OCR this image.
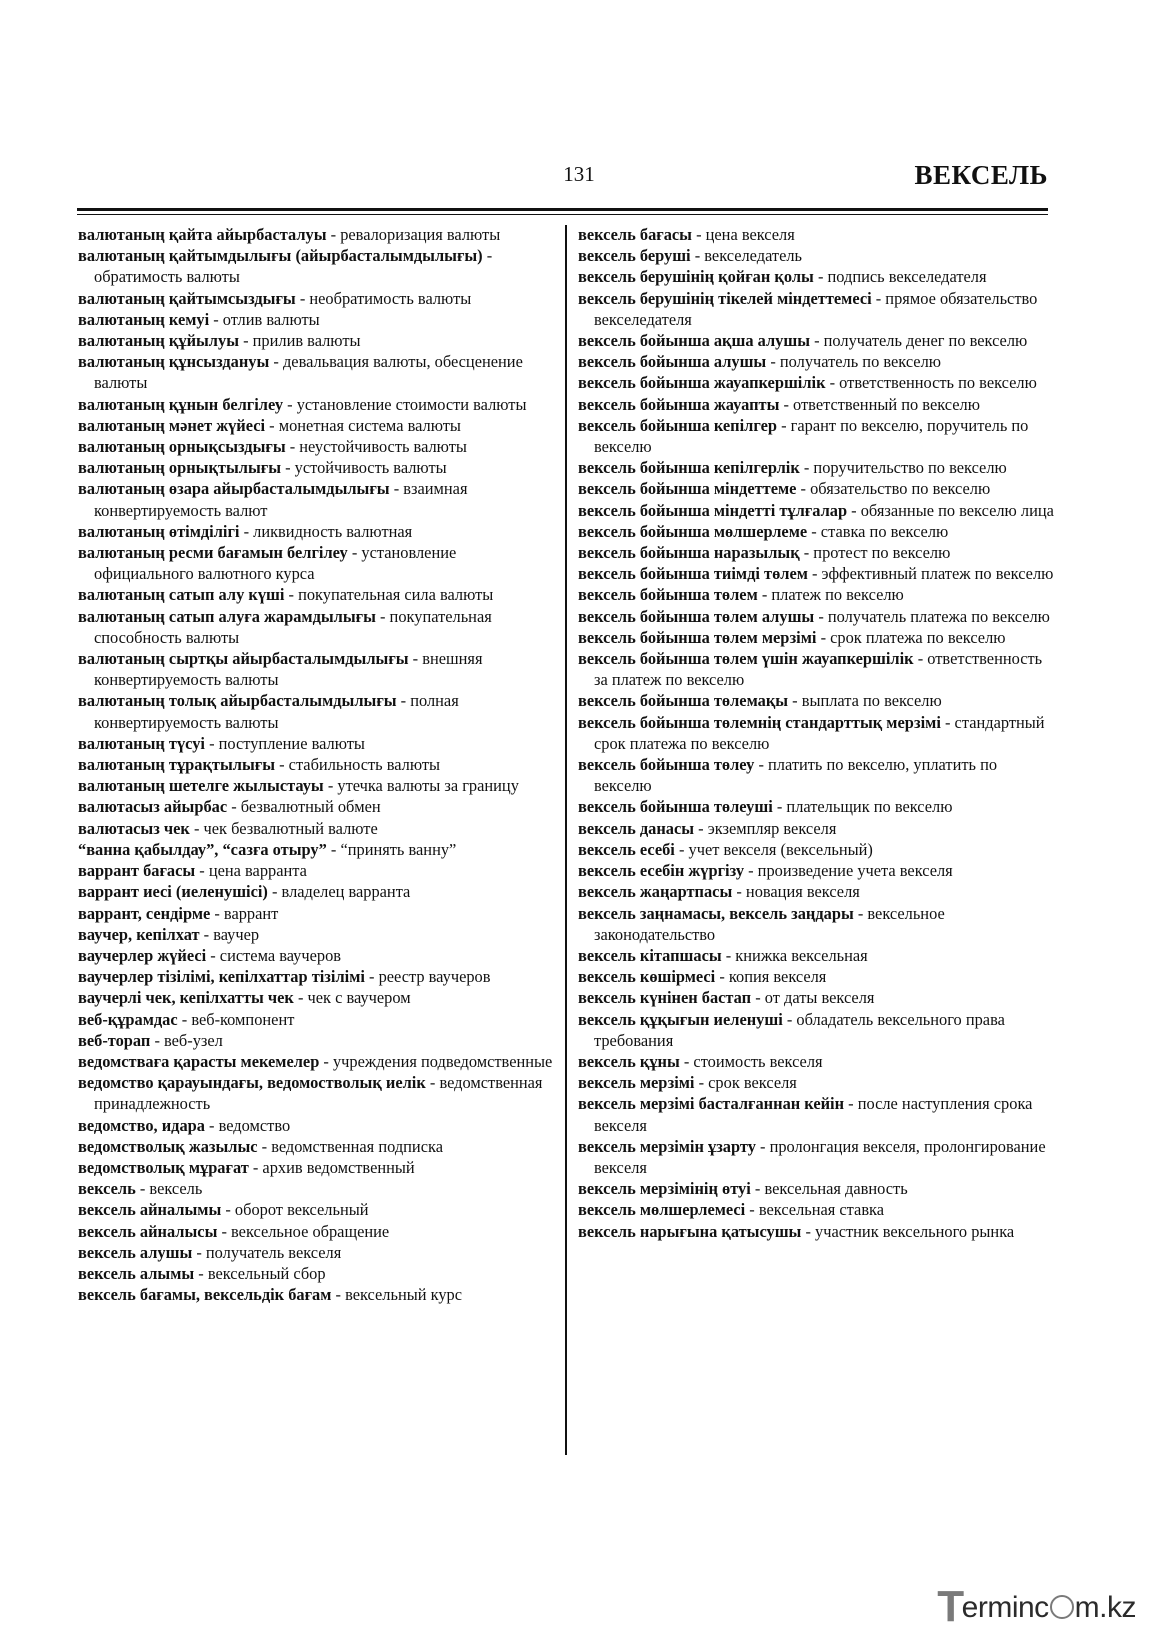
131	ВЕКСЕЛЬ

валютаның қайта айырбасталуы - ревалоризация валюты

валютаның қайтымдылығы (айырбасталымдылығы) - обратимость валюты

валютаның қайтымсыздығы - необратимость валюты

валютаның кемуі - отлив валюты

валютаның құйылуы - прилив валюты

валютаның құнсыздануы - девальвация валюты, обесценение валюты

валютаның құнын белгілеу - установление стоимости валюты

валютаның мәнет жүйесі - монетная система валюты

валютаның орнықсыздығы - неустойчивость валюты

валютаның орнықтылығы - устойчивость валюты

валютаның өзара айырбасталымдылығы - взаимная конвертируемость валют

валютаның өтімділігі - ликвидность валютная

валютаның ресми бағамын белгілеу - установление официального валютного курса

валютаның сатып алу күші - покупательная сила валюты

валютаның сатып алуға жарамдылығы - покупательная способность валюты

валютаның сыртқы айырбасталымдылығы - внешняя конвертируемость валюты

валютаның толық айырбасталымдылығы - полная конвертируемость валюты

валютаның түсуі - поступление валюты

валютаның тұрақтылығы - стабильность валюты

валютаның шетелге жылыстауы - утечка валюты за границу

валютасыз айырбас - безвалютный обмен

валютасыз чек - чек безвалютный валюте

“ванна қабылдау”, “сазға отыру” - “принять ванну”

варрант бағасы - цена варранта

варрант иесі (иеленушісі) - владелец варранта

варрант, сендірме - варрант

ваучер, кепілхат - ваучер

ваучерлер жүйесі - система ваучеров

ваучерлер тізілімі, кепілхаттар тізілімі - реестр ваучеров

ваучерлі чек, кепілхатты чек - чек с ваучером

веб-құрамдас - веб-компонент

веб-торап - веб-узел

ведомстваға қарасты мекемелер - учреждения подведомственные

ведомство қарауындағы, ведомостволық иелік - ведомственная принадлежность

ведомство, идара - ведомство

ведомстволық жазылыс - ведомственная подписка

ведомстволық мұрағат - архив ведомственный

вексель - вексель

вексель айналымы - оборот вексельный

вексель айналысы - вексельное обращение

вексель алушы - получатель векселя

вексель алымы - вексельный сбор

вексель бағамы, вексельдік бағам - вексельный курс

вексель бағасы - цена векселя

вексель беруші - векселедатель

вексель берушінің қойған қолы - подпись векселедателя

вексель берушінің тікелей міндеттемесі - прямое обязательство векселедателя

вексель бойынша ақша алушы - получатель денег по векселю

вексель бойынша алушы - получатель по векселю

вексель бойынша жауапкершілік - ответственность по векселю

вексель бойынша жауапты - ответственный по векселю

вексель бойынша кепілгер - гарант по векселю, поручитель по векселю

вексель бойынша кепілгерлік - поручительство по векселю

вексель бойынша міндеттеме - обязательство по векселю

вексель бойынша міндетті тұлғалар - обязанные по векселю лица

вексель бойынша мөлшерлеме - ставка по векселю

вексель бойынша наразылық - протест по векселю

вексель бойынша тиімді төлем - эффективный платеж по векселю

вексель бойынша төлем - платеж по векселю

вексель бойынша төлем алушы - получатель платежа по векселю

вексель бойынша төлем мерзімі - срок платежа по векселю

вексель бойынша төлем үшін жауапкершілік - ответственность за платеж по векселю

вексель бойынша төлемақы - выплата по векселю

вексель бойынша төлемнің стандарттық мерзімі - стандартный срок платежа по векселю

вексель бойынша төлеу - платить по векселю, уплатить по векселю

вексель бойынша төлеуші - плательщик по векселю

вексель данасы - экземпляр векселя

вексель есебі - учет векселя (вексельный)

вексель есебін жүргізу - произведение учета векселя

вексель жаңартпасы - новация векселя

вексель заңнамасы, вексель заңдары - вексельное законодательство

вексель кітапшасы - книжка вексельная

вексель көшірмесі - копия векселя

вексель күнінен бастап - от даты векселя

вексель құқығын иеленуші - обладатель вексельного права требования

вексель құны - стоимость векселя

вексель мерзімі - срок векселя

вексель мерзімі басталғаннан кейін - после наступления срока векселя

вексель мерзімін ұзарту - пролонгация векселя, пролонгирование векселя

вексель мерзімінің өтуі - вексельная давность

вексель мөлшерлемесі - вексельная ставка

вексель нарығына қатысушы - участник вексельного рынка

Terminc m.kz
